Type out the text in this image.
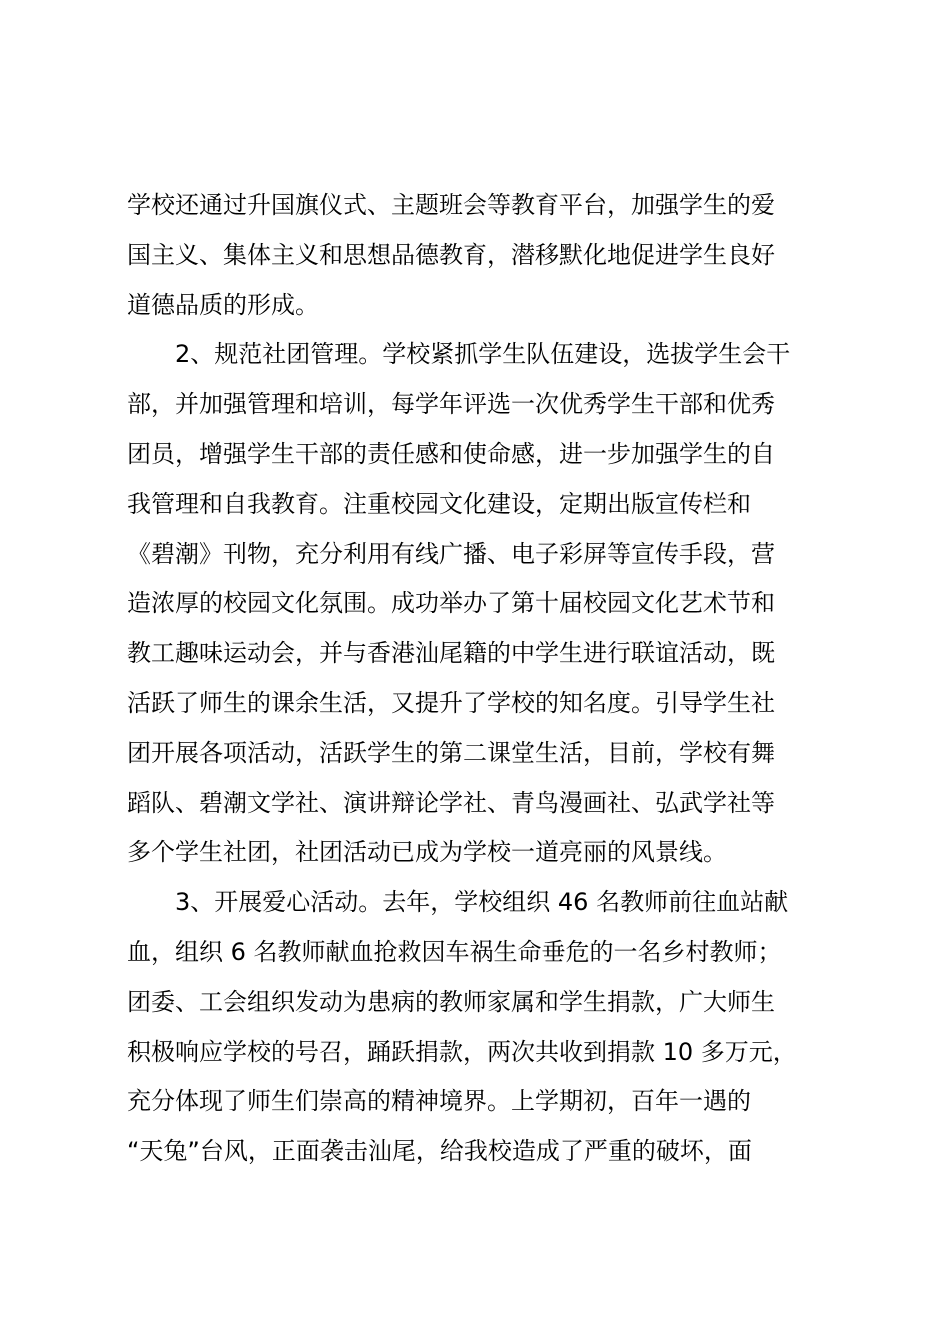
学校还通过升国旗仪式、主题班会等教育平台，加强学生的爱
国主义、集体主义和思想品德教育，潜移默化地促进学生良好
道德品质的形成。
2、规范社团管理。学校紧抓学生队伍建设，选拔学生会干
部，并加强管理和培训，每学年评选一次优秀学生干部和优秀
团员，增强学生干部的责任感和使命感，进一步加强学生的自
我管理和自我教育。注重校园文化建设，定期出版宣传栏和
《碧潮》刊物，充分利用有线广播、电子彩屏等宣传手段，营
造浓厚的校园文化氛围。成功举办了第十届校园文化艺术节和
教工趣味运动会，并与香港汕尾籍的中学生进行联谊活动，既
活跃了师生的课余生活，又提升了学校的知名度。引导学生社
团开展各项活动，活跃学生的第二课堂生活，目前，学校有舞
蹈队、碧潮文学社、演讲辩论学社、青鸟漫画社、弘武学社等
多个学生社团，社团活动已成为学校一道亮丽的风景线。
3、开展爱心活动。去年，学校组织 46 名教师前往血站献
血，组织 6 名教师献血抢救因车祸生命垂危的一名乡村教师；
团委、工会组织发动为患病的教师家属和学生捐款，广大师生
积极响应学校的号召，踊跃捐款，两次共收到捐款 10 多万元，
充分体现了师生们崇高的精神境界。上学期初，百年一遇的
“天兔”台风，正面袭击汕尾，给我校造成了严重的破坏，面
